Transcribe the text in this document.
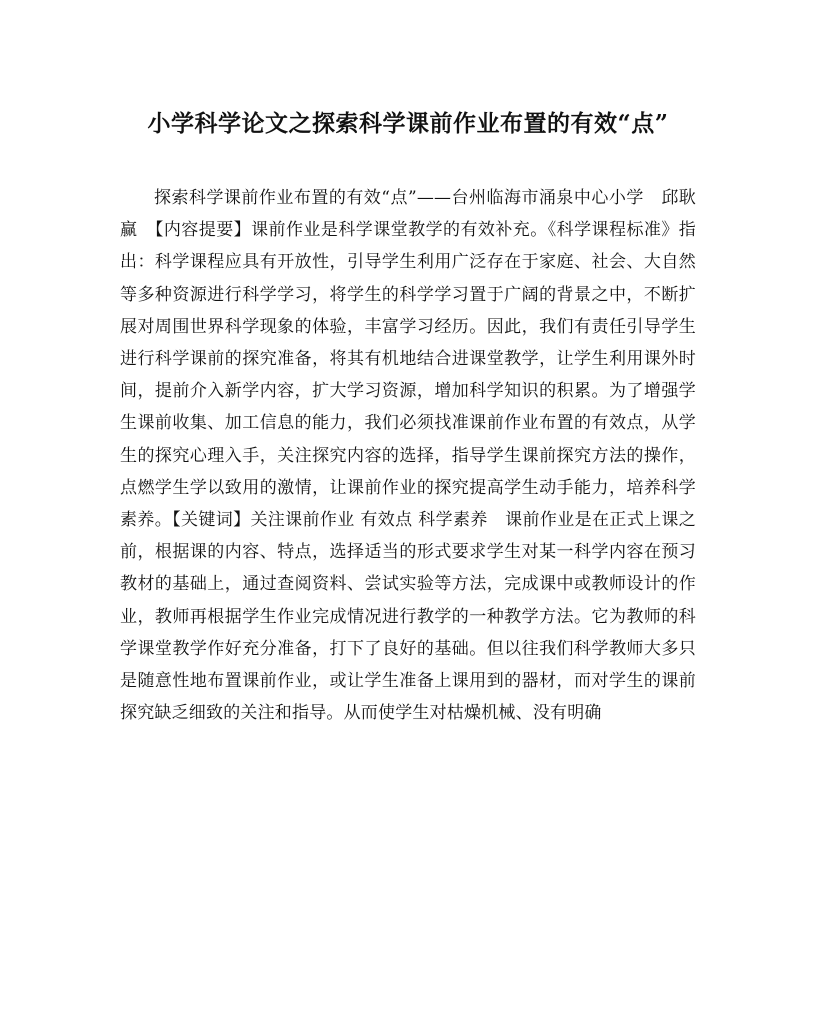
小学科学论文之探索科学课前作业布置的有效“点”

探索科学课前作业布置的有效“点”——台州临海市涌泉中心小学　邱耿赢　【内容提要】课前作业是科学课堂教学的有效补充。《科学课程标准》指出：科学课程应具有开放性，引导学生利用广泛存在于家庭、社会、大自然等多种资源进行科学学习，将学生的科学学习置于广阔的背景之中，不断扩展对周围世界科学现象的体验，丰富学习经历。因此，我们有责任引导学生进行科学课前的探究准备，将其有机地结合进课堂教学，让学生利用课外时间，提前介入新学内容，扩大学习资源，增加科学知识的积累。为了增强学生课前收集、加工信息的能力，我们必须找准课前作业布置的有效点，从学生的探究心理入手，关注探究内容的选择，指导学生课前探究方法的操作，点燃学生学以致用的激情，让课前作业的探究提高学生动手能力，培养科学素养。【关键词】关注课前作业 有效点 科学素养　课前作业是在正式上课之前，根据课的内容、特点，选择适当的形式要求学生对某一科学内容在预习教材的基础上，通过查阅资料、尝试实验等方法，完成课中或教师设计的作业，教师再根据学生作业完成情况进行教学的一种教学方法。它为教师的科学课堂教学作好充分准备，打下了良好的基础。但以往我们科学教师大多只是随意性地布置课前作业，或让学生准备上课用到的器材，而对学生的课前探究缺乏细致的关注和指导。从而使学生对枯燥机械、没有明确
